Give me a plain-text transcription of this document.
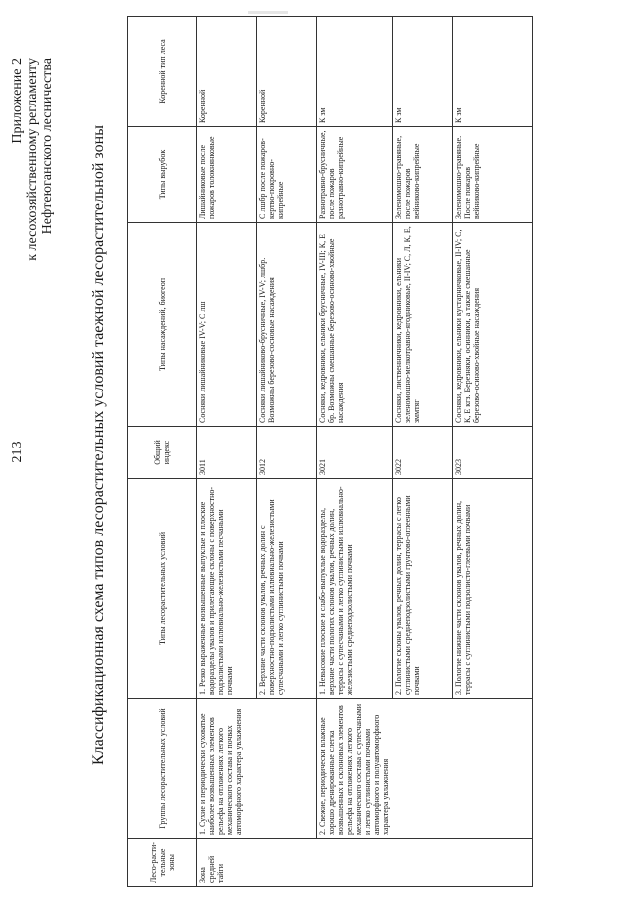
213
Приложение 2 к лесохозяйственному регламенту Нефтеюганского лесничества Классификационная схема типов лесорастительных условий таежной лесорастительной зоны
Лесо-расти-тельные зоны	Группы лесорастительных условий	Типы лесорастительных условий	Общий индекс	Типы насаждений, биогеоп	Типы вырубок	Коренной тип леса
Зона средней тайги	1. Сухие и периодически суховатые наиболее возвышенных элементов рельефа на отложениях легкого механического состава и почвах автоморфного характера увлажнения	1. Резко выраженные возвышенные выпуклые и плоские водоразделы увалов и прилегающие склоны с поверхностно-подзолистыми иллювиально-железистыми песчаными почвами	3011	Сосняки лишайниковые IV-V; С лш	Лишайниковые после пожаров толокнянковые	Коренной
		2. Верхние части склонов увалов, речных долин с поверхностно-подзолистыми иллювиально-железистыми супесчаными и легко суглинистыми почвами	3012	Сосняки лишайниково-брусничные, IV-V; лшбр. Возможны березово-сосновые насаждения	С лшбр после пожаров-кертво-покровно-кипрейные	Коренной
	2. Свежие, периодически влажные хорошо дренированные слегка возвышенных и склоновых элементов рельефа на отложениях легкого механического состава с супесчаными и легко суглинистыми почвами автоморфного и полуавтоморфного характера увлажнения	1. Невысокие плоские и слабо-выпуклые водоразделы, верхние части пологих склонов увалов, речных долин, террасы с супесчаными и легко суглинистыми иллювиально-железистыми среднеподзолистыми почвами	3021	Сосняки, кедровники, ельники брусничные, IV-III; К, Е бр. Возможны смешанные березово-осиново-хвойные насаждения	Разнотравно-брусничные, после пожаров разнотравно-кипрейные	К зм
		2. Пологие склоны увалов, речных долин, террасы с легко суглинистыми среднеподзолистыми грунтово-оглеенными почвами	3022	Сосняки, лиственничники, кедровники, ельники зеленомошно-мелкотравно-ягодниковые, II-IV; С, Л, К, Е, зммтяг	Зеленомошно-травяные, после пожаров вейниково-кипрейные	К зм
		3. Пологие нижние части склонов увалов, речных долин, террасы с суглинистыми подзолисто-глеевыми почвами	3023	Сосняки, кедровники, ельники кустарничковые, II-IV; С, К, Е кгз. Березняки, осинники, а также смешанные березово-осиново-хвойные насаждения	Зеленомошно-травяные. После пожаров вейниково-кипрейные	К зм
